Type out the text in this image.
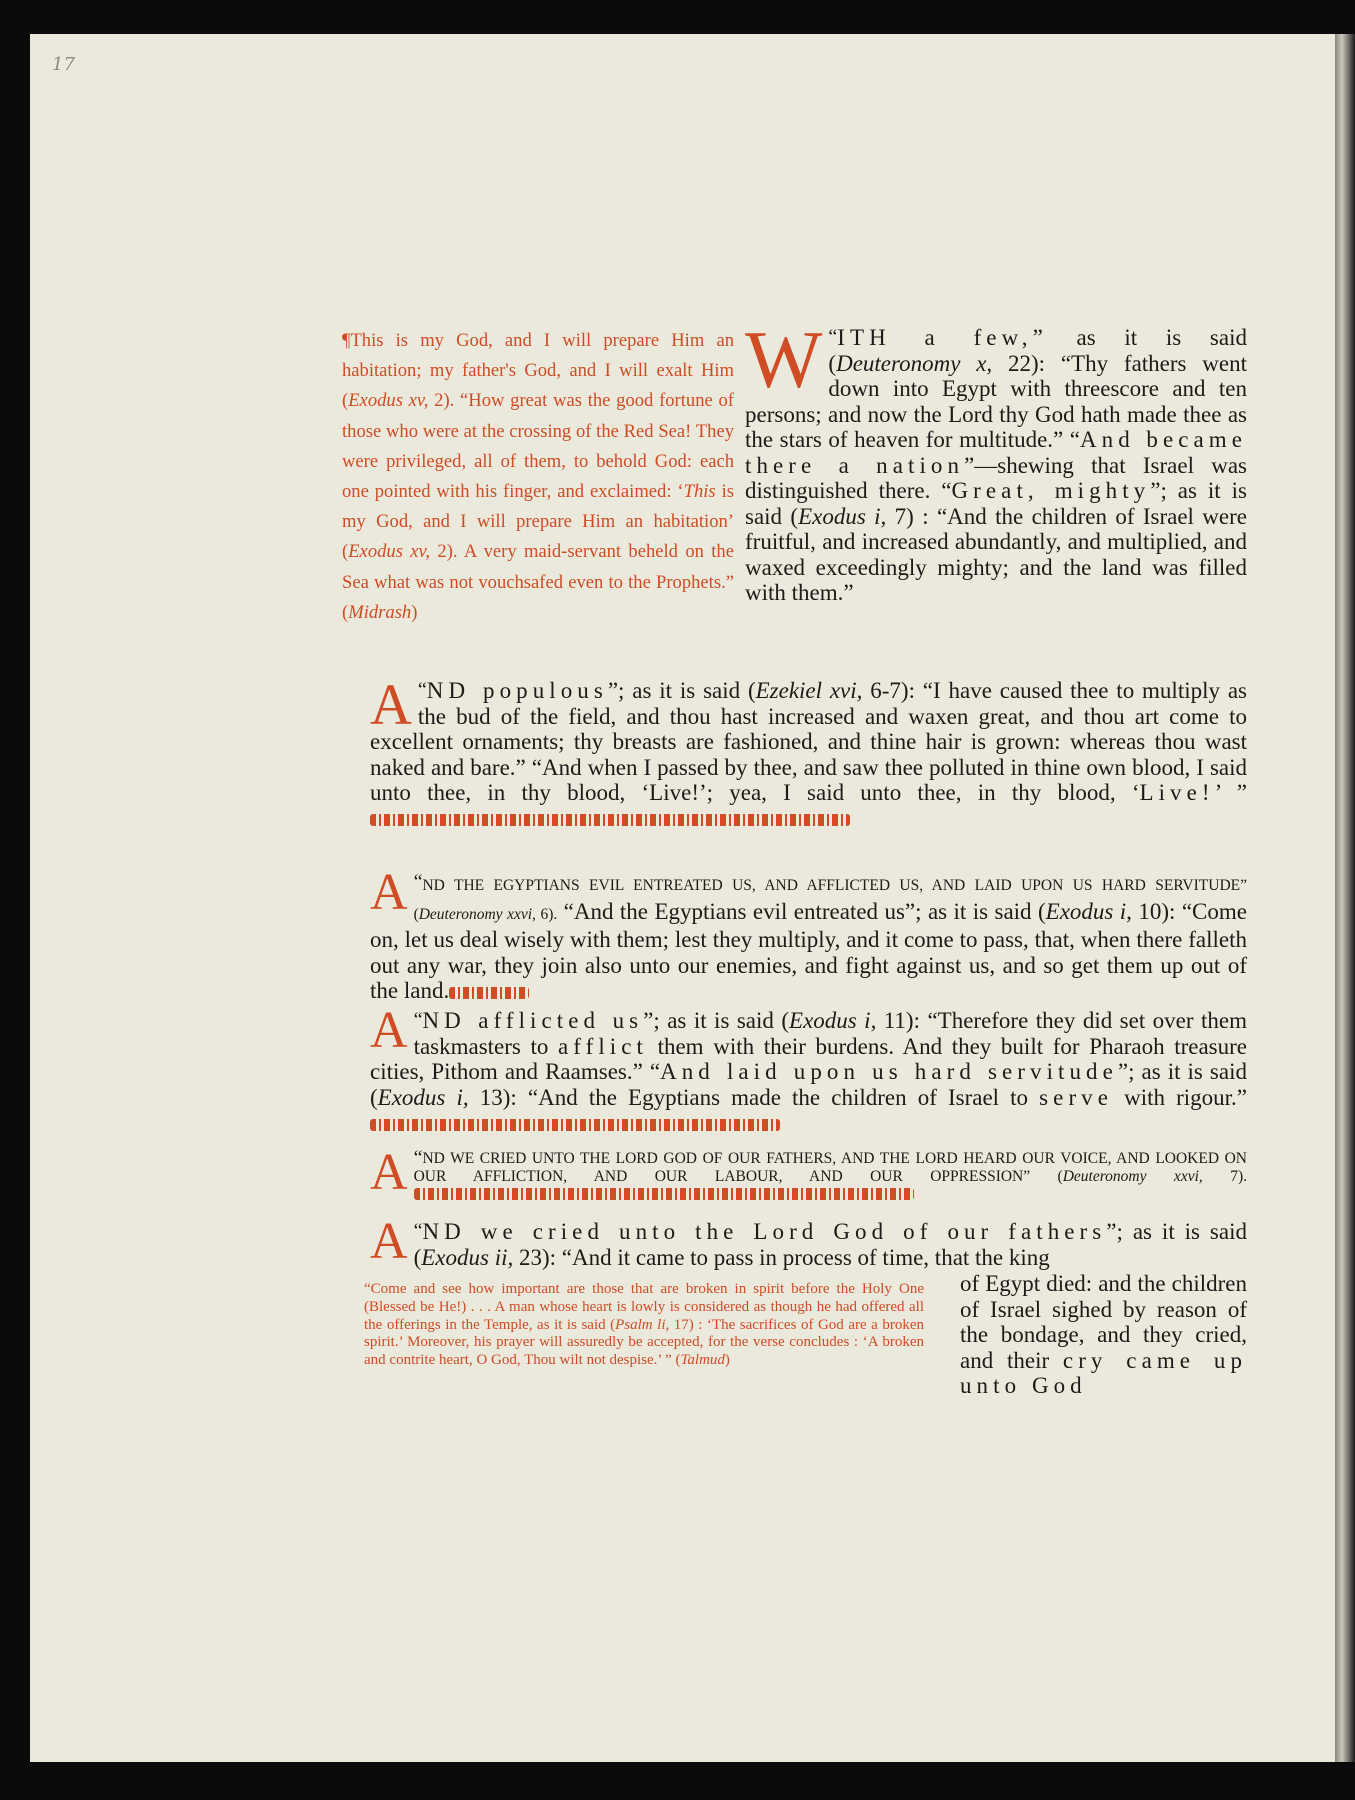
17

¶This is my God, and I will prepare Him an habitation; my father's God, and I will exalt Him (Exodus xv, 2). “How great was the good fortune of those who were at the crossing of the Red Sea! They were privileged, all of them, to behold God: each one pointed with his finger, and exclaimed: ‘This is my God, and I will prepare Him an habitation’ (Exodus xv, 2). A very maid-servant beheld on the Sea what was not vouchsafed even to the Prophets.” (Midrash)

“
W ITH a few,” as it is said (Deuteronomy x, 22): “Thy fathers went down into Egypt with threescore and ten persons; and now the Lord thy God hath made thee as the stars of heaven for multitude.” “And became there a nation”—shewing that Israel was distinguished there. “Great, mighty”; as it is said (Exodus i, 7) : “And the children of Israel were fruitful, and increased abundantly, and multiplied, and waxed exceedingly mighty; and the land was filled with them.”

“
A ND populous”; as it is said (Ezekiel xvi, 6-7): “I have caused thee to multiply as the bud of the field, and thou hast increased and waxen great, and thou art come to excellent ornaments; thy breasts are fashioned, and thine hair is grown: whereas thou wast naked and bare.” “And when I passed by thee, and saw thee polluted in thine own blood, I said unto thee, in thy blood, ‘Live!’; yea, I said unto thee, in thy blood, ‘Live!’ ”

“
A ND THE EGYPTIANS EVIL ENTREATED US, AND AFFLICTED US, AND LAID UPON US HARD SERVITUDE” (Deuteronomy xxvi, 6). “And the Egyptians evil entreated us”; as it is said (Exodus i, 10): “Come on, let us deal wisely with them; lest they multiply, and it come to pass, that, when there falleth out any war, they join also unto our enemies, and fight against us, and so get them up out of the land.

“
A ND afflicted us”; as it is said (Exodus i, 11): “Therefore they did set over them taskmasters to afflict them with their burdens. And they built for Pharaoh treasure cities, Pithom and Raamses.” “And laid upon us hard servitude”; as it is said (Exodus i, 13): “And the Egyptians made the children of Israel to serve with rigour.”

“
A ND WE CRIED UNTO THE LORD GOD OF OUR FATHERS, AND THE LORD HEARD OUR VOICE, AND LOOKED ON OUR AFFLICTION, AND OUR LABOUR, AND OUR OPPRESSION” (Deuteronomy xxvi, 7).

“
A ND we cried unto the Lord God of our fathers”; as it is said (Exodus ii, 23): “And it came to pass in process of time, that the king

“Come and see how important are those that are broken in spirit before the Holy One (Blessed be He!) . . . A man whose heart is lowly is considered as though he had offered all the offerings in the Temple, as it is said (Psalm li, 17) : ‘The sacrifices of God are a broken spirit.’ Moreover, his prayer will assuredly be accepted, for the verse concludes : ‘A broken and contrite heart, O God, Thou wilt not despise.’ ” (Talmud)

of Egypt died: and the children of Israel sighed by reason of the bondage, and they cried, and their cry came up unto God
